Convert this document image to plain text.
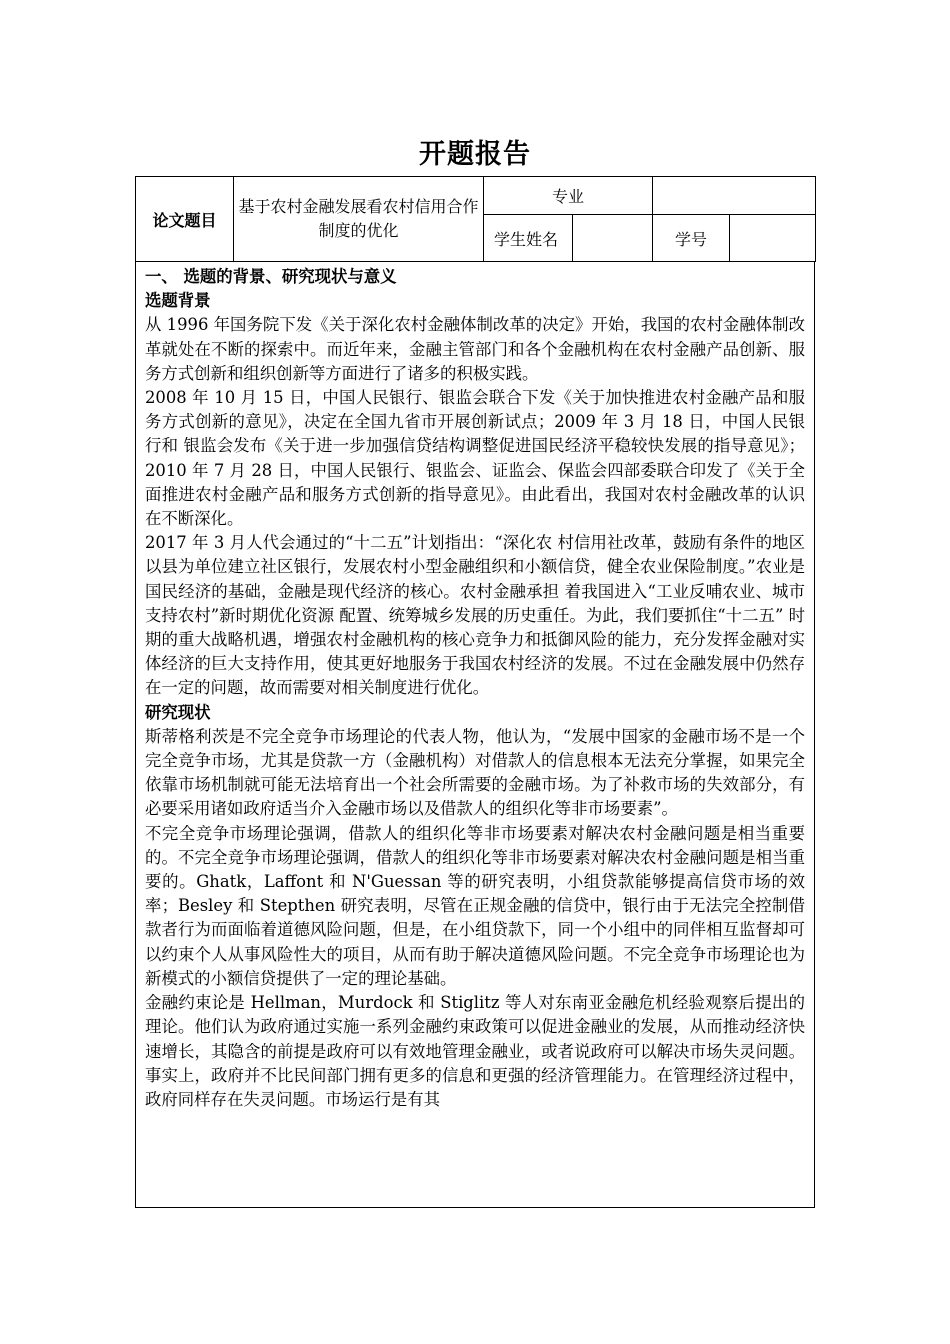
开题报告
论文题目	基于农村金融发展看农村信用合作制度的优化	专业			
		学生姓名		学号	

一、 选题的背景、研究现状与意义

选题背景

从 1996 年国务院下发《关于深化农村金融体制改革的决定》开始，我国的农村金融体制改革就处在不断的探索中。而近年来，金融主管部门和各个金融机构在农村金融产品创新、服务方式创新和组织创新等方面进行了诸多的积极实践。

2008 年 10 月 15 日，中国人民银行、银监会联合下发《关于加快推进农村金融产品和服务方式创新的意见》，决定在全国九省市开展创新试点；2009 年 3 月 18 日，中国人民银行和 银监会发布《关于进一步加强信贷结构调整促进国民经济平稳较快发展的指导意见》；2010 年 7 月 28 日，中国人民银行、银监会、证监会、保监会四部委联合印发了《关于全面推进农村金融产品和服务方式创新的指导意见》。由此看出，我国对农村金融改革的认识在不断深化。

2017 年 3 月人代会通过的“十二五”计划指出：“深化农 村信用社改革，鼓励有条件的地区以县为单位建立社区银行，发展农村小型金融组织和小额信贷，健全农业保险制度。”农业是国民经济的基础，金融是现代经济的核心。农村金融承担 着我国进入“工业反哺农业、城市支持农村”新时期优化资源 配置、统筹城乡发展的历史重任。为此，我们要抓住“十二五” 时期的重大战略机遇，增强农村金融机构的核心竞争力和抵御风险的能力，充分发挥金融对实体经济的巨大支持作用，使其更好地服务于我国农村经济的发展。不过在金融发展中仍然存在一定的问题，故而需要对相关制度进行优化。

研究现状

斯蒂格利茨是不完全竞争市场理论的代表人物，他认为，“发展中国家的金融市场不是一个完全竞争市场，尤其是贷款一方（金融机构）对借款人的信息根本无法充分掌握，如果完全依靠市场机制就可能无法培育出一个社会所需要的金融市场。为了补救市场的失效部分，有必要采用诸如政府适当介入金融市场以及借款人的组织化等非市场要素”。

不完全竞争市场理论强调，借款人的组织化等非市场要素对解决农村金融问题是相当重要的。不完全竞争市场理论强调，借款人的组织化等非市场要素对解决农村金融问题是相当重要的。Ghatk，Laffont 和 N'Guessan 等的研究表明，小组贷款能够提高信贷市场的效率；Besley 和 Stepthen 研究表明，尽管在正规金融的信贷中，银行由于无法完全控制借款者行为而面临着道德风险问题，但是，在小组贷款下，同一个小组中的同伴相互监督却可以约束个人从事风险性大的项目，从而有助于解决道德风险问题。不完全竞争市场理论也为新模式的小额信贷提供了一定的理论基础。

金融约束论是 Hellman，Murdock 和 Stiglitz 等人对东南亚金融危机经验观察后提出的理论。他们认为政府通过实施一系列金融约束政策可以促进金融业的发展，从而推动经济快速增长，其隐含的前提是政府可以有效地管理金融业，或者说政府可以解决市场失灵问题。事实上，政府并不比民间部门拥有更多的信息和更强的经济管理能力。在管理经济过程中，政府同样存在失灵问题。市场运行是有其
